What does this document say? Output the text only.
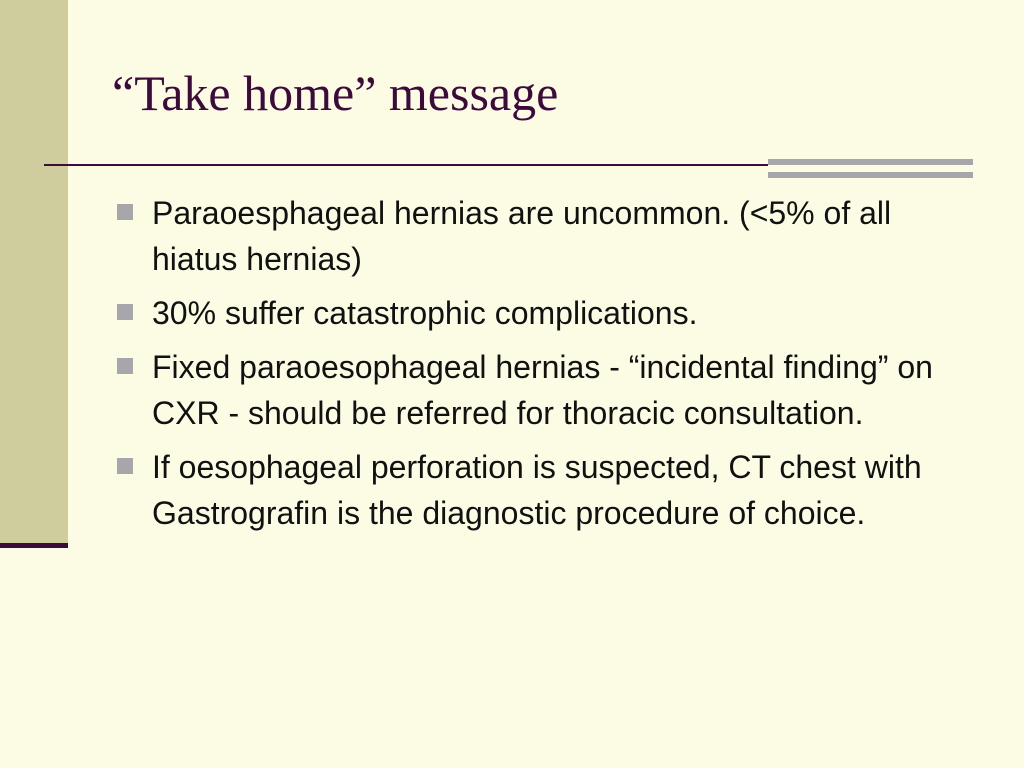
“Take home” message
Paraoesphageal hernias are uncommon. (<5% of all hiatus hernias)
30% suffer catastrophic complications.
Fixed paraoesophageal hernias - “incidental finding” on CXR - should be referred for thoracic consultation.
If oesophageal perforation is suspected, CT chest with Gastrografin is the diagnostic procedure of choice.
